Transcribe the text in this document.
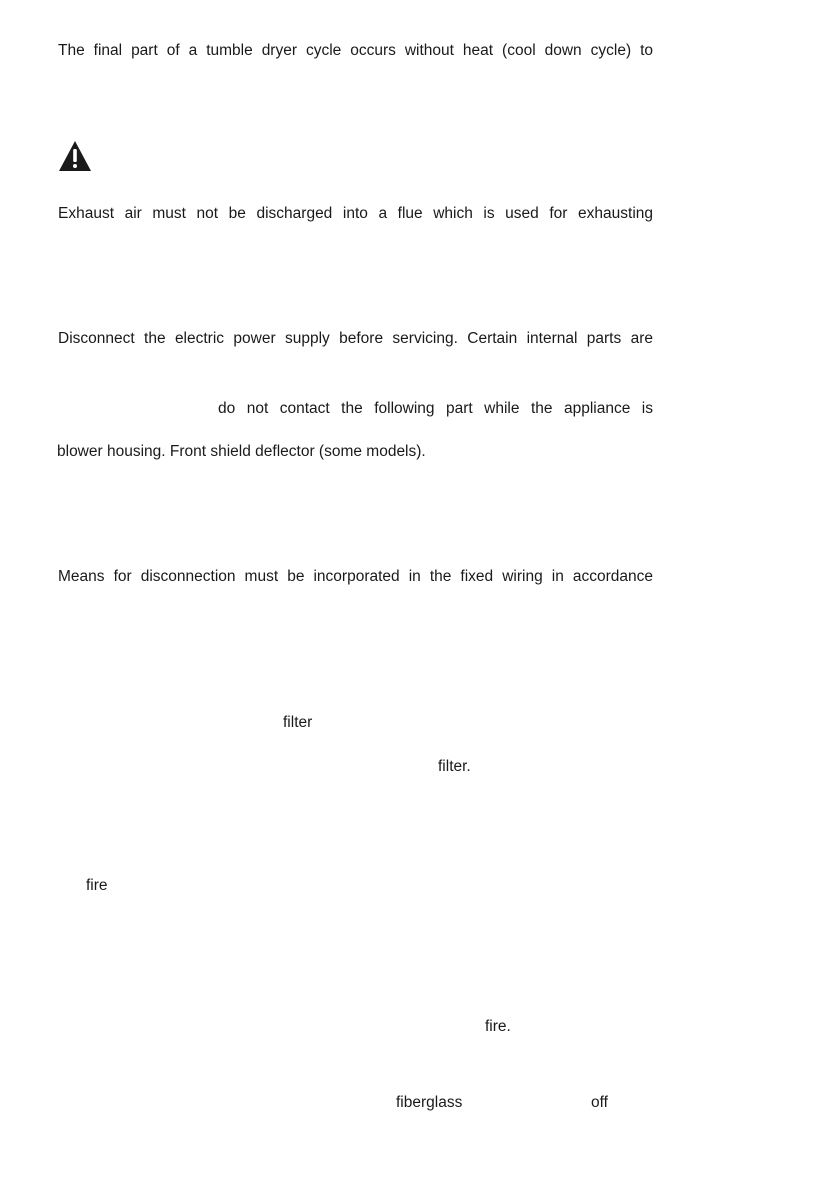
The final part of a tumble dryer cycle occurs without heat (cool down cycle) to
Exhaust air must not be discharged into a flue which is used for exhausting
Disconnect the electric power supply before servicing. Certain internal parts are
do not contact the following part while the appliance is
blower housing. Front shield deflector (some models).
Means for disconnection must be incorporated in the fixed wiring in accordance
filter
filter.
fire
fire.
fiberglass	off
